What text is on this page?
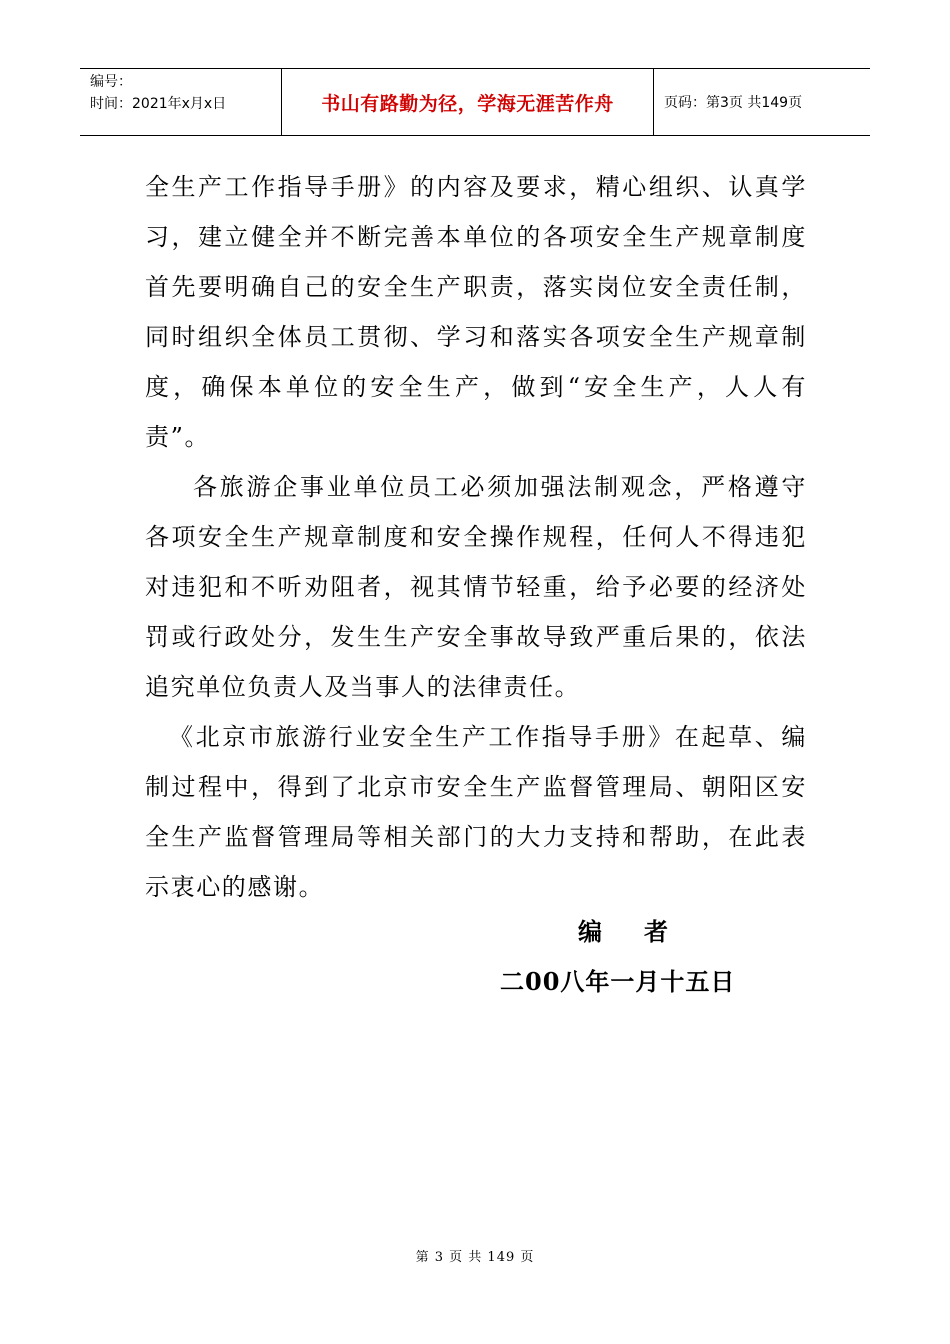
编号：
时间：2021年x月x日	书山有路勤为径，学海无涯苦作舟	页码：第3页 共149页

全生产工作指导手册》的内容及要求，精心组织、认真学习，建立健全并不断完善本单位的各项安全生产规章制度首先要明确自己的安全生产职责，落实岗位安全责任制，同时组织全体员工贯彻、学习和落实各项安全生产规章制度，确保本单位的安全生产，做到“安全生产，人人有责”。

各旅游企事业单位员工必须加强法制观念，严格遵守各项安全生产规章制度和安全操作规程，任何人不得违犯对违犯和不听劝阻者，视其情节轻重，给予必要的经济处罚或行政处分，发生生产安全事故导致严重后果的，依法追究单位负责人及当事人的法律责任。

《北京市旅游行业安全生产工作指导手册》在起草、编制过程中，得到了北京市安全生产监督管理局、朝阳区安全生产监督管理局等相关部门的大力支持和帮助，在此表示衷心的感谢。

编 者
二00八年一月十五日
第 3 页 共 149 页
